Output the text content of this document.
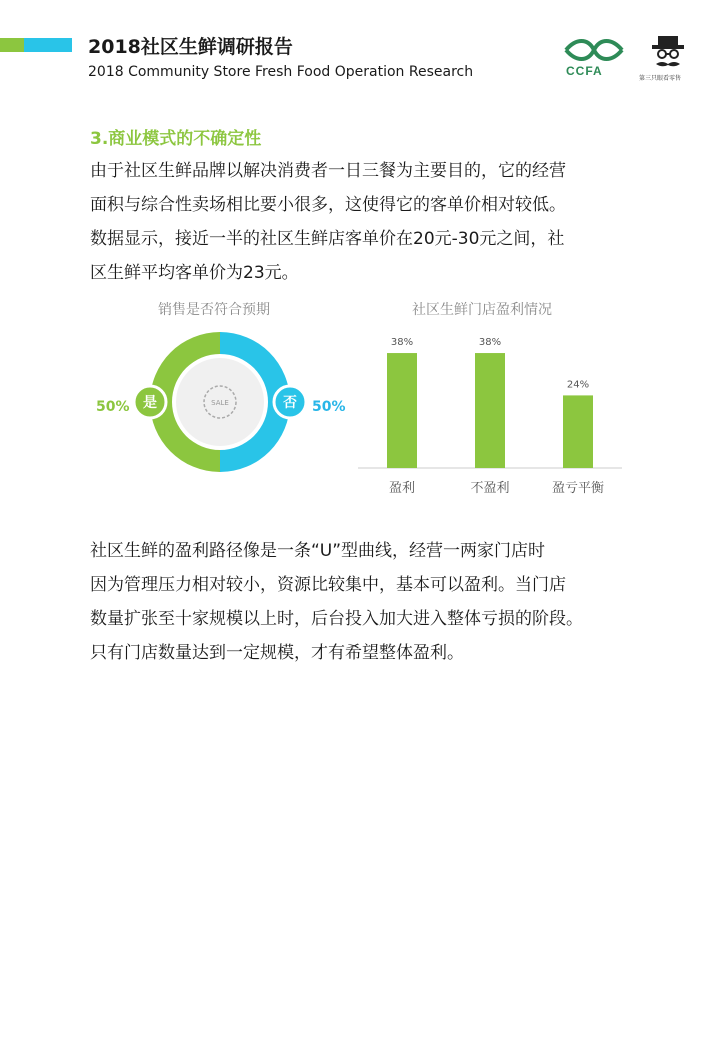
2018社区生鲜调研报告

2018 Community Store Fresh Food Operation Research	CCFA
第三只眼看零售
3.商业模式的不确定性
由于社区生鲜品牌以解决消费者一日三餐为主要目的，它的经营
面积与综合性卖场相比要小很多，这使得它的客单价相对较低。
数据显示，接近一半的社区生鲜店客单价在20元-30元之间，社
区生鲜平均客单价为23元。
销售是否符合预期
SALE
是	否
50%	50%
社区生鲜门店盈利情况
38%
盈利
38%
不盈利
24%
盈亏平衡
社区生鲜的盈利路径像是一条“U”型曲线，经营一两家门店时
因为管理压力相对较小，资源比较集中，基本可以盈利。当门店
数量扩张至十家规模以上时，后台投入加大进入整体亏损的阶段。
只有门店数量达到一定规模，才有希望整体盈利。
